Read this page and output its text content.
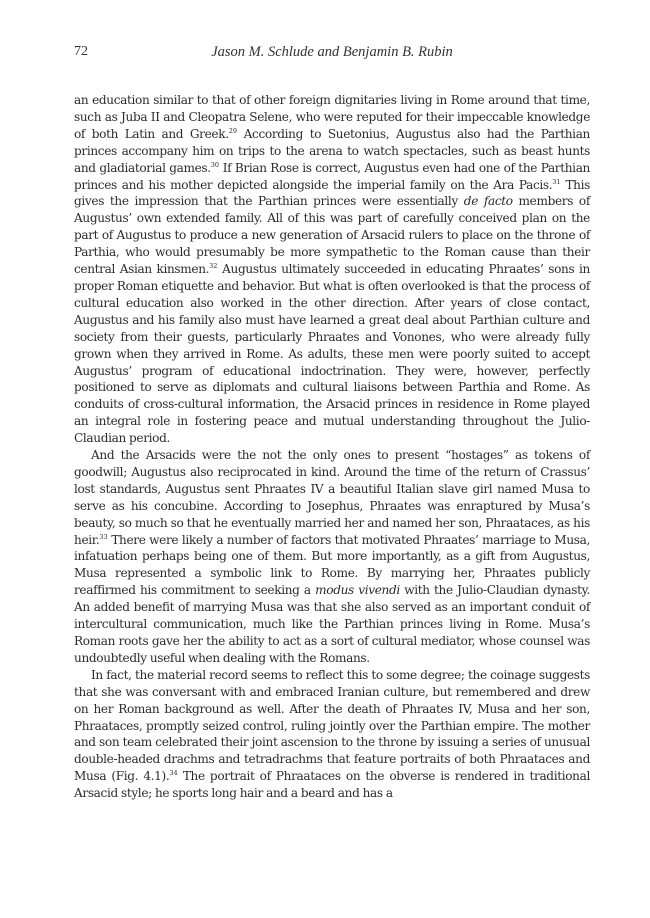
72	Jason M. Schlude and Benjamin B. Rubin

an education similar to that of other foreign dignitaries living in Rome around that time, such as Juba II and Cleopatra Selene, who were reputed for their impeccable knowledge of both Latin and Greek.$^{29}$ According to Suetonius, Augustus also had the Parthian princes accompany him on trips to the arena to watch spectacles, such as beast hunts and gladiatorial games.$^{30}$ If Brian Rose is correct, Augustus even had one of the Parthian princes and his mother depicted alongside the imperial family on the Ara Pacis.$^{31}$ This gives the impression that the Parthian princes were essentially de facto members of Augustus’ own extended family. All of this was part of carefully conceived plan on the part of Augustus to produce a new generation of Arsacid rulers to place on the throne of Parthia, who would presumably be more sympathetic to the Roman cause than their central Asian kinsmen.$^{32}$ Augustus ultimately succeeded in educating Phraates’ sons in proper Roman etiquette and behavior. But what is often overlooked is that the process of cultural education also worked in the other direction. After years of close contact, Augustus and his family also must have learned a great deal about Parthian culture and society from their guests, particularly Phraates and Vonones, who were already fully grown when they arrived in Rome. As adults, these men were poorly suited to accept Augustus’ program of educational indoctrination. They were, however, perfectly positioned to serve as diplomats and cultural liaisons between Parthia and Rome. As conduits of cross-cultural information, the Arsacid princes in residence in Rome played an integral role in fostering peace and mutual understanding throughout the Julio-Claudian period.

And the Arsacids were the not the only ones to present “hostages” as tokens of goodwill; Augustus also reciprocated in kind. Around the time of the return of Crassus’ lost standards, Augustus sent Phraates IV a beautiful Italian slave girl named Musa to serve as his concubine. According to Josephus, Phraates was enraptured by Musa’s beauty, so much so that he eventually married her and named her son, Phraataces, as his heir.$^{33}$ There were likely a number of factors that motivated Phraates’ marriage to Musa, infatuation perhaps being one of them. But more importantly, as a gift from Augustus, Musa represented a symbolic link to Rome. By marrying her, Phraates publicly reaffirmed his commitment to seeking a modus vivendi with the Julio-Claudian dynasty. An added benefit of marrying Musa was that she also served as an important conduit of intercultural communication, much like the Parthian princes living in Rome. Musa’s Roman roots gave her the ability to act as a sort of cultural mediator, whose counsel was undoubtedly useful when dealing with the Romans.

In fact, the material record seems to reflect this to some degree; the coinage suggests that she was conversant with and embraced Iranian culture, but remembered and drew on her Roman background as well. After the death of Phraates IV, Musa and her son, Phraataces, promptly seized control, ruling jointly over the Parthian empire. The mother and son team celebrated their joint ascension to the throne by issuing a series of unusual double-headed drachms and tetradrachms that feature portraits of both Phraataces and Musa (Fig. 4.1).$^{34}$ The portrait of Phraataces on the obverse is rendered in traditional Arsacid style; he sports long hair and a beard and has a
